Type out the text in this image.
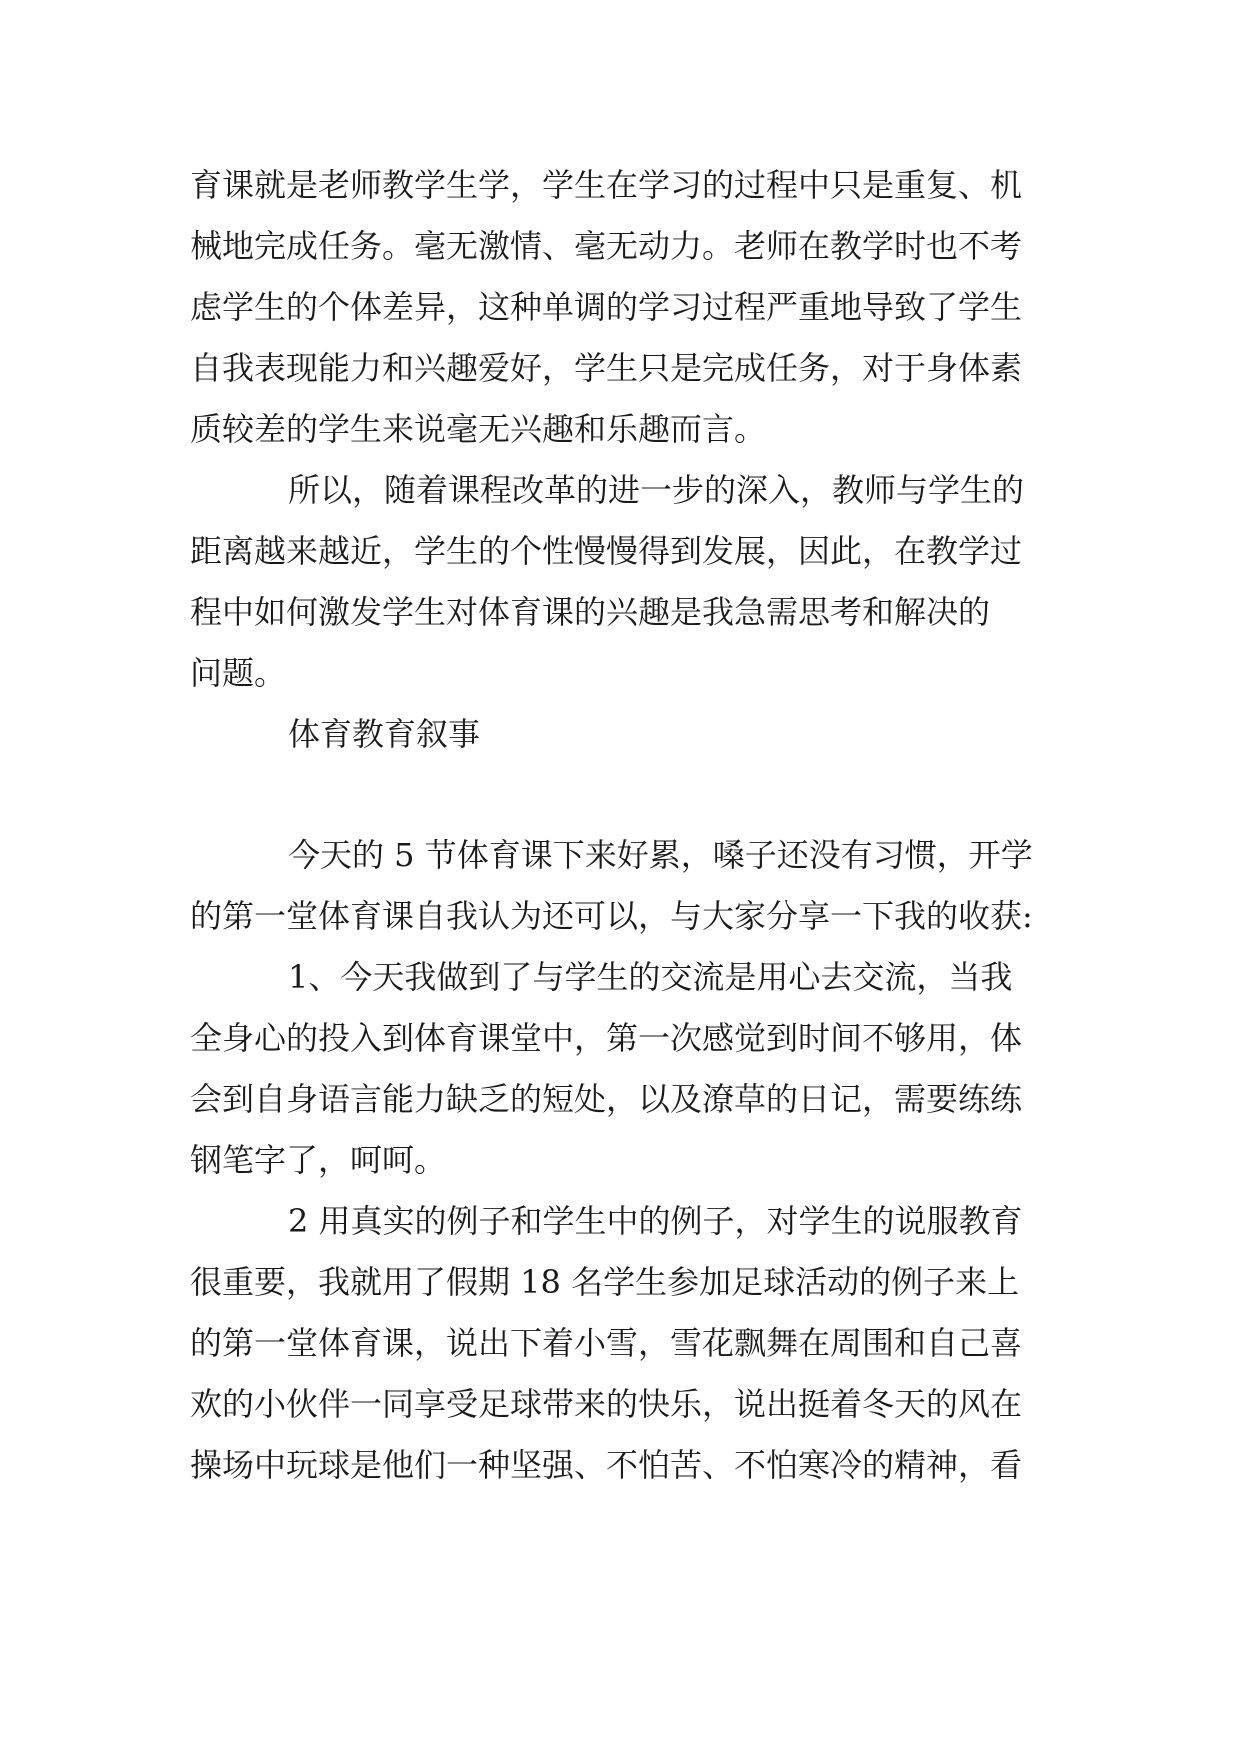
育课就是老师教学生学，学生在学习的过程中只是重复、机
械地完成任务。毫无激情、毫无动力。老师在教学时也不考
虑学生的个体差异，这种单调的学习过程严重地导致了学生
自我表现能力和兴趣爱好，学生只是完成任务，对于身体素
质较差的学生来说毫无兴趣和乐趣而言。
所以，随着课程改革的进一步的深入，教师与学生的
距离越来越近，学生的个性慢慢得到发展，因此，在教学过
程中如何激发学生对体育课的兴趣是我急需思考和解决的
问题。
体育教育叙事
今天的 5 节体育课下来好累，嗓子还没有习惯，开学
的第一堂体育课自我认为还可以，与大家分享一下我的收获:
1、今天我做到了与学生的交流是用心去交流，当我
全身心的投入到体育课堂中，第一次感觉到时间不够用，体
会到自身语言能力缺乏的短处，以及潦草的日记，需要练练
钢笔字了，呵呵。
2 用真实的例子和学生中的例子，对学生的说服教育
很重要，我就用了假期 18 名学生参加足球活动的例子来上
的第一堂体育课，说出下着小雪，雪花飘舞在周围和自己喜
欢的小伙伴一同享受足球带来的快乐，说出挺着冬天的风在
操场中玩球是他们一种坚强、不怕苦、不怕寒冷的精神，看
